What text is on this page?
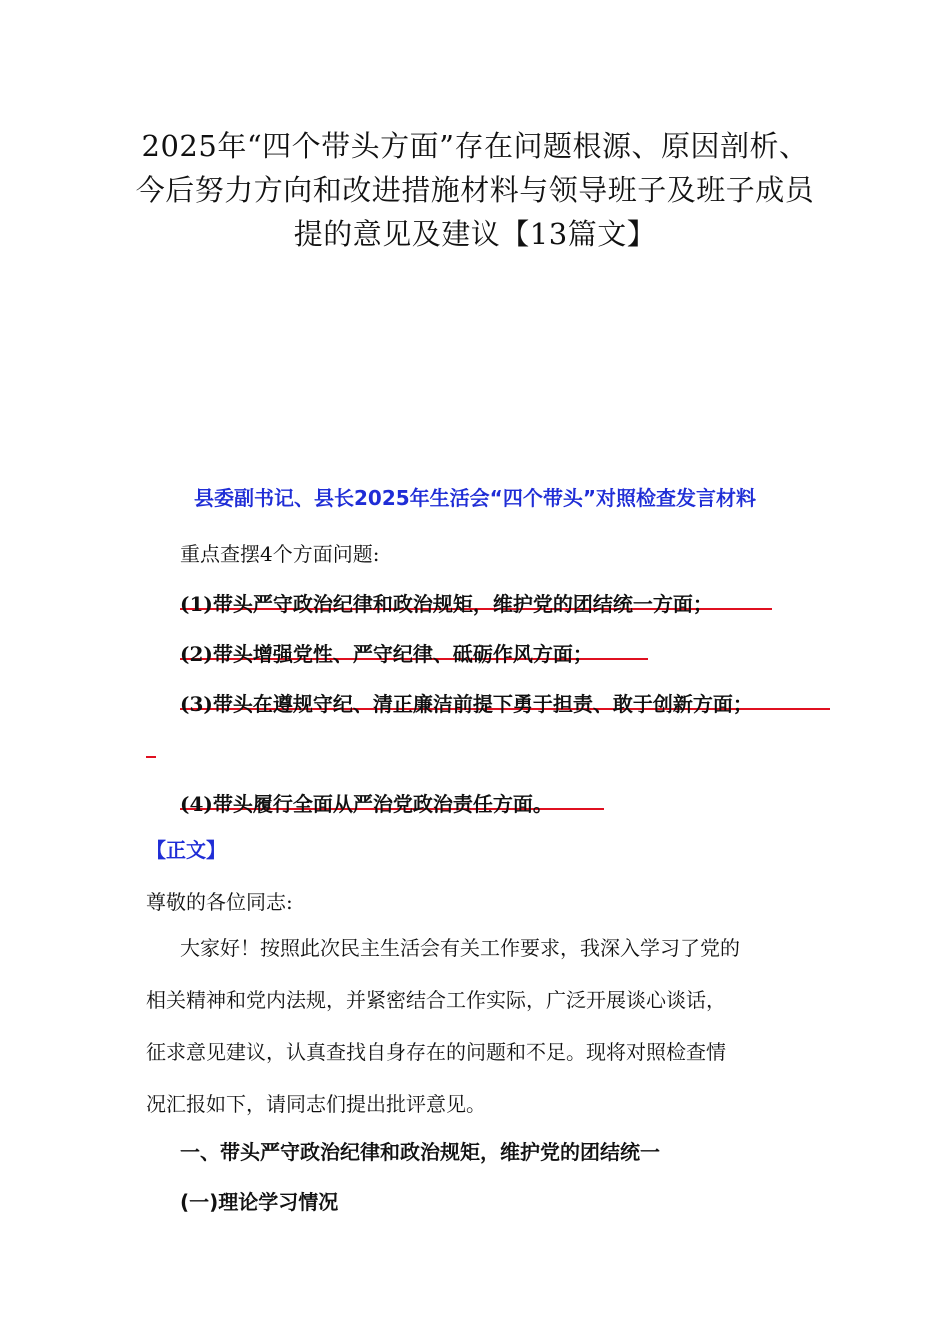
2025年“四个带头方面”存在问题根源、原因剖析、
今后努力方向和改进措施材料与领导班子及班子成员
提的意见及建议【13篇文】
县委副书记、县长2025年生活会“四个带头”对照检查发言材料
重点查摆4个方面问题:
(1)带头严守政治纪律和政治规矩，维护党的团结统一方面；
(2)带头增强党性、严守纪律、砥砺作风方面；
(3)带头在遵规守纪、清正廉洁前提下勇于担责、敢于创新方面；
(4)带头履行全面从严治党政治责任方面。
【正文】
尊敬的各位同志:
大家好！按照此次民主生活会有关工作要求，我深入学习了党的
相关精神和党内法规，并紧密结合工作实际，广泛开展谈心谈话，
征求意见建议，认真查找自身存在的问题和不足。现将对照检查情
况汇报如下，请同志们提出批评意见。
一、带头严守政治纪律和政治规矩，维护党的团结统一
(一)理论学习情况
